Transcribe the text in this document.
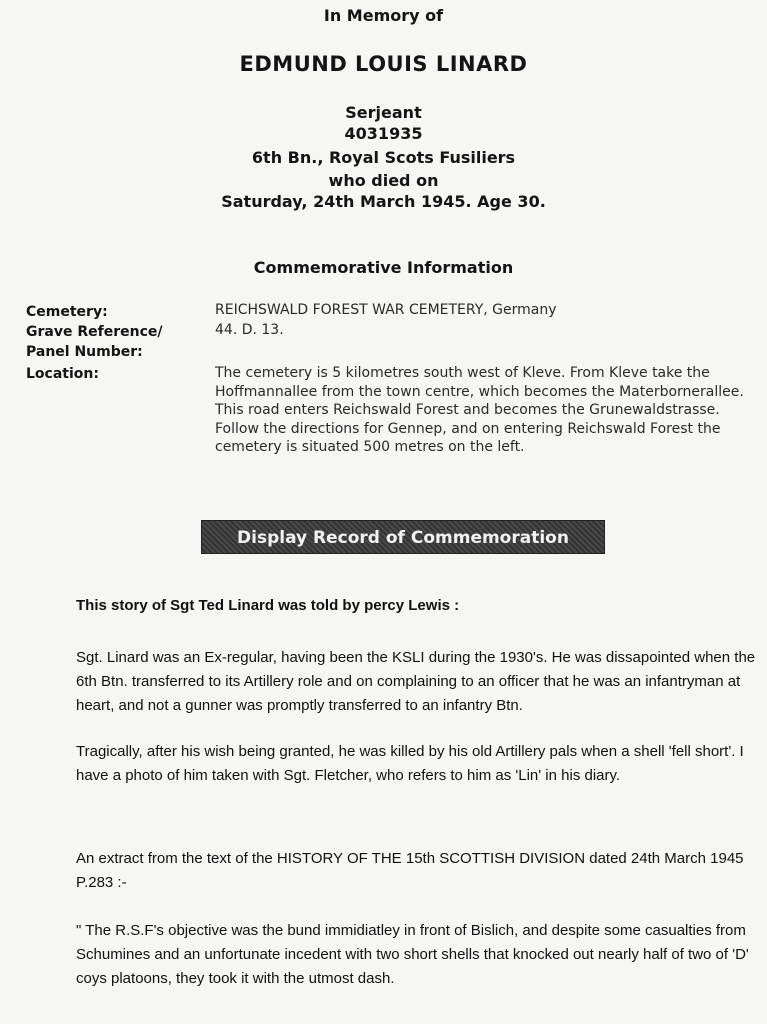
In Memory of
EDMUND LOUIS LINARD
Serjeant
4031935
6th Bn., Royal Scots Fusiliers
who died on
Saturday, 24th March 1945. Age 30.
Commemorative Information
Cemetery:	REICHSWALD FOREST WAR CEMETERY, Germany
Grave Reference/
Panel Number:
44. D. 13.
Location:	The cemetery is 5 kilometres south west of Kleve. From Kleve take the Hoffmannallee from the town centre, which becomes the Materbornerallee. This road enters Reichswald Forest and becomes the Grunewaldstrasse. Follow the directions for Gennep, and on entering Reichswald Forest the cemetery is situated 500 metres on the left.
Display Record of Commemoration
This story of Sgt Ted Linard was told by percy Lewis :
Sgt. Linard was an Ex-regular, having been the KSLI during the 1930's. He was dissapointed when the 6th Btn. transferred to its Artillery role and on complaining to an officer that he was an infantryman at heart, and not a gunner was promptly transferred to an infantry Btn.
Tragically, after his wish being granted, he was killed by his old Artillery pals when a shell 'fell short'. I have a photo of him taken with Sgt. Fletcher, who refers to him as 'Lin' in his diary.
An extract from the text of the HISTORY OF THE 15th SCOTTISH DIVISION dated 24th March 1945 P.283 :-
" The R.S.F's objective was the bund immidiatley in front of Bislich, and despite some casualties from Schumines and an unfortunate incedent with two short shells that knocked out nearly half of two of 'D' coys platoons, they took it with the utmost dash.
